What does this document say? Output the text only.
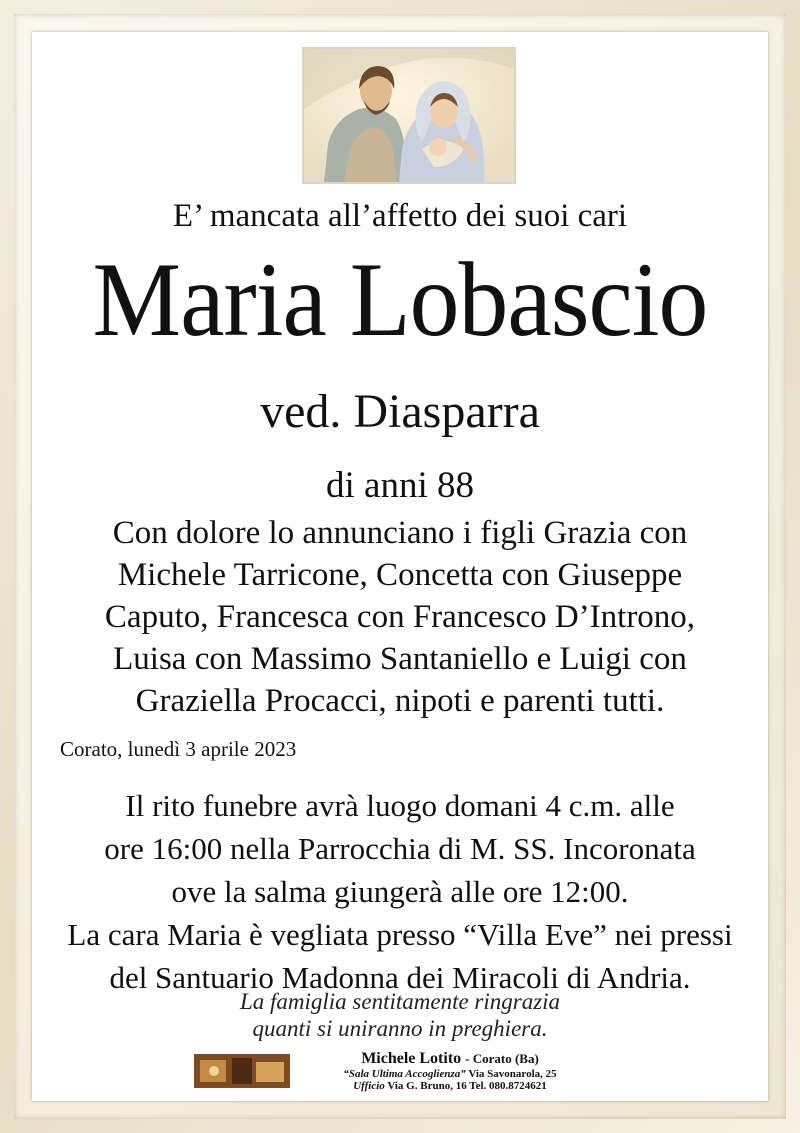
E’ mancata all’affetto dei suoi cari

Maria Lobascio

ved. Diasparra

di anni 88

Con dolore lo annunciano i figli Grazia con
Michele Tarricone, Concetta con Giuseppe
Caputo, Francesca con Francesco D’Introno,
Luisa con Massimo Santaniello e Luigi con
Graziella Procacci, nipoti e parenti tutti.
Corato, lunedì 3 aprile 2023
Il rito funebre avrà luogo domani 4 c.m. alle
ore 16:00 nella Parrocchia di M. SS. Incoronata
ove la salma giungerà alle ore 12:00.
La cara Maria è vegliata presso “Villa Eve” nei pressi
del Santuario Madonna dei Miracoli di Andria.
La famiglia sentitamente ringrazia
quanti si uniranno in preghiera.
Michele Lotito - Corato (Ba)
“Sala Ultima Accoglienza” Via Savonarola, 25
Ufficio Via G. Bruno, 16 Tel. 080.8724621
